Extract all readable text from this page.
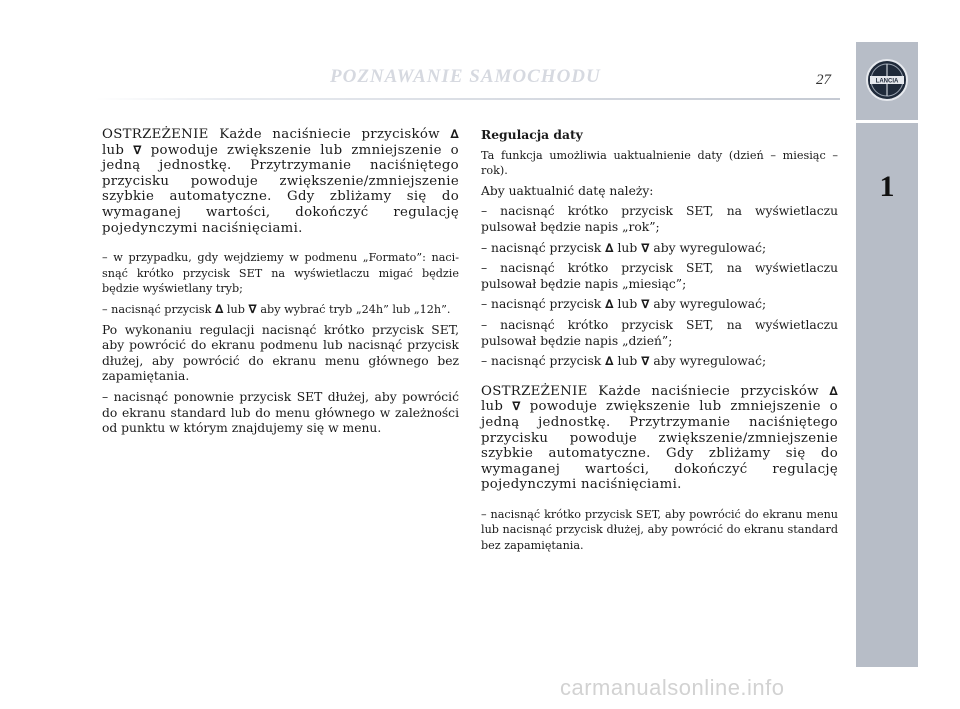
POZNAWANIE SAMOCHODU	27	LANCIA
1

OSTRZEŻENIE Każde naciśniecie przycisków ∆ lub ∇ powoduje zwiększenie lub zmniejszenie o jedną jednostkę. Przytrzymanie naciśniętego przycisku powoduje zwiększenie/zmniejszenie szybkie automatyczne. Gdy zbliżamy się do wymaganej wartości, dokończyć regulację pojedynczymi naciśnięciami.

– w przypadku, gdy wejdziemy w podmenu „Formato”: nacisnąć krótko przycisk SET na wyświetlaczu migać będzie będzie wyświetlany tryb;

– nacisnąć przycisk ∆ lub ∇ aby wybrać tryb „24h” lub „12h”.

Po wykonaniu regulacji nacisnąć krótko przycisk SET, aby powrócić do ekranu podmenu lub nacisnąć przycisk dłużej, aby powrócić do ekranu menu głównego bez zapamiętania.

– nacisnąć ponownie przycisk SET dłużej, aby powrócić do ekranu standard lub do menu głównego w zależności od punktu w którym znajdujemy się w menu.

Regulacja daty

Ta funkcja umożliwia uaktualnienie daty (dzień – miesiąc – rok).

Aby uaktualnić datę należy:

– nacisnąć krótko przycisk SET, na wyświetlaczu pulsował będzie napis „rok”;

– nacisnąć przycisk ∆ lub ∇ aby wyregulować;

– nacisnąć krótko przycisk SET, na wyświetlaczu pulsował będzie napis „miesiąc”;

– nacisnąć przycisk ∆ lub ∇ aby wyregulować;

– nacisnąć krótko przycisk SET, na wyświetlaczu pulsował będzie napis „dzień”;

– nacisnąć przycisk ∆ lub ∇ aby wyregulować;

OSTRZEŻENIE Każde naciśniecie przycisków ∆ lub ∇ powoduje zwiększenie lub zmniejszenie o jedną jednostkę. Przytrzymanie naciśniętego przycisku powoduje zwiększenie/zmniejszenie szybkie automatyczne. Gdy zbliżamy się do wymaganej wartości, dokończyć regulację pojedynczymi naciśnięciami.

– nacisnąć krótko przycisk SET, aby powrócić do ekranu menu lub nacisnąć przycisk dłużej, aby powrócić do ekranu standard bez zapamiętania.

carmanualsonline.info
